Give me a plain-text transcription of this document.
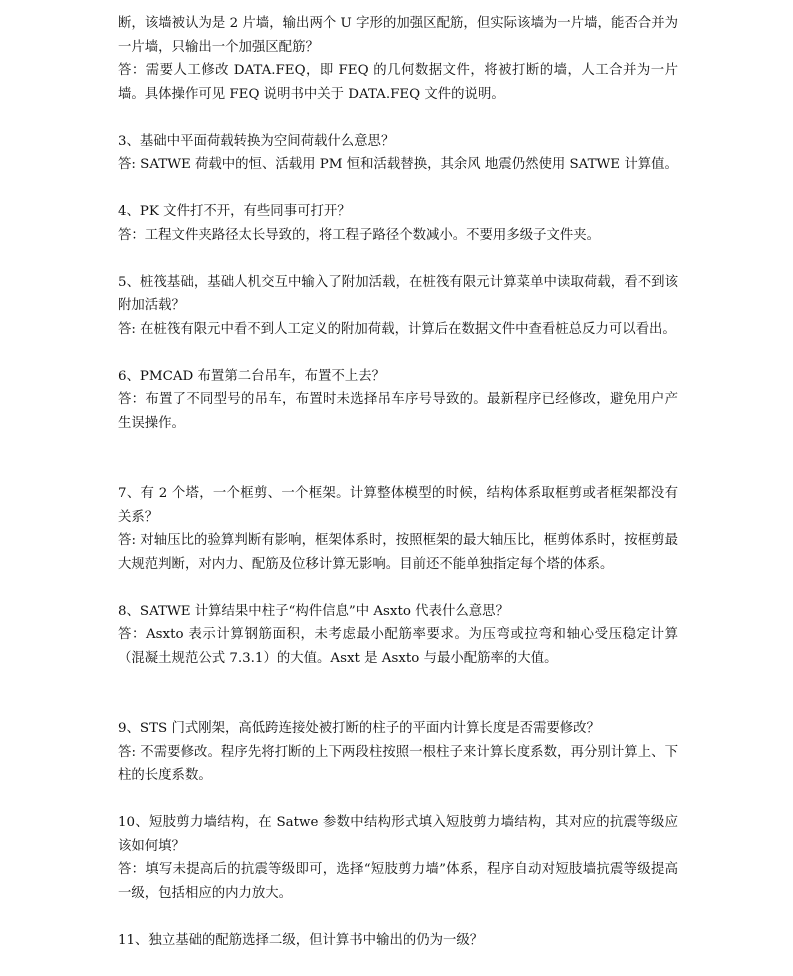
断，该墙被认为是 2 片墙，输出两个 U 字形的加强区配筋，但实际该墙为一片墙，能否合并为一片墙，只输出一个加强区配筋？

答：需要人工修改 DATA.FEQ，即 FEQ 的几何数据文件，将被打断的墙，人工合并为一片墙。具体操作可见 FEQ 说明书中关于 DATA.FEQ 文件的说明。

3、基础中平面荷载转换为空间荷载什么意思？

答: SATWE 荷载中的恒、活载用 PM 恒和活载替换，其余风 地震仍然使用 SATWE 计算值。

4、PK 文件打不开，有些同事可打开？

答：工程文件夹路径太长导致的，将工程子路径个数减小。不要用多级子文件夹。

5、桩筏基础，基础人机交互中输入了附加活载，在桩筏有限元计算菜单中读取荷载，看不到该附加活载？

答: 在桩筏有限元中看不到人工定义的附加荷载，计算后在数据文件中查看桩总反力可以看出。

6、PMCAD 布置第二台吊车，布置不上去？

答：布置了不同型号的吊车，布置时未选择吊车序号导致的。最新程序已经修改，避免用户产生误操作。

7、有 2 个塔，一个框剪、一个框架。计算整体模型的时候，结构体系取框剪或者框架都没有关系？

答: 对轴压比的验算判断有影响，框架体系时，按照框架的最大轴压比，框剪体系时，按框剪最大规范判断，对内力、配筋及位移计算无影响。目前还不能单独指定每个塔的体系。

8、SATWE 计算结果中柱子“构件信息”中 Asxto 代表什么意思？

答：Asxto 表示计算钢筋面积，未考虑最小配筋率要求。为压弯或拉弯和轴心受压稳定计算（混凝土规范公式 7.3.1）的大值。Asxt 是 Asxto 与最小配筋率的大值。

9、STS 门式刚架，高低跨连接处被打断的柱子的平面内计算长度是否需要修改？

答: 不需要修改。程序先将打断的上下两段柱按照一根柱子来计算长度系数，再分别计算上、下柱的长度系数。

10、短肢剪力墙结构，在 Satwe 参数中结构形式填入短肢剪力墙结构，其对应的抗震等级应该如何填？

答：填写未提高后的抗震等级即可，选择“短肢剪力墙”体系，程序自动对短肢墙抗震等级提高一级，包括相应的内力放大。

11、独立基础的配筋选择二级，但计算书中输出的仍为一级？
